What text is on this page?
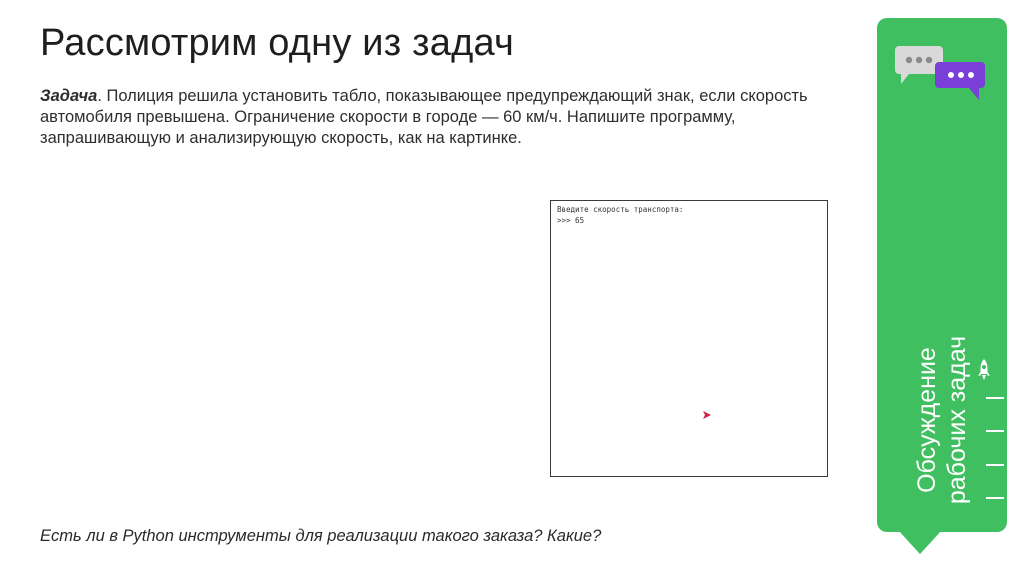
Рассмотрим одну из задач
Задача. Полиция решила установить табло, показывающее предупреждающий знак, если скорость автомобиля превышена. Ограничение скорости в городе — 60 км/ч. Напишите программу, запрашивающую и анализирующую скорость, как на картинке.
Введите скорость транспорта:
>>> 65
Есть ли в Python инструменты для реализации такого заказа? Какие?
Обсуждение
рабочих задач
